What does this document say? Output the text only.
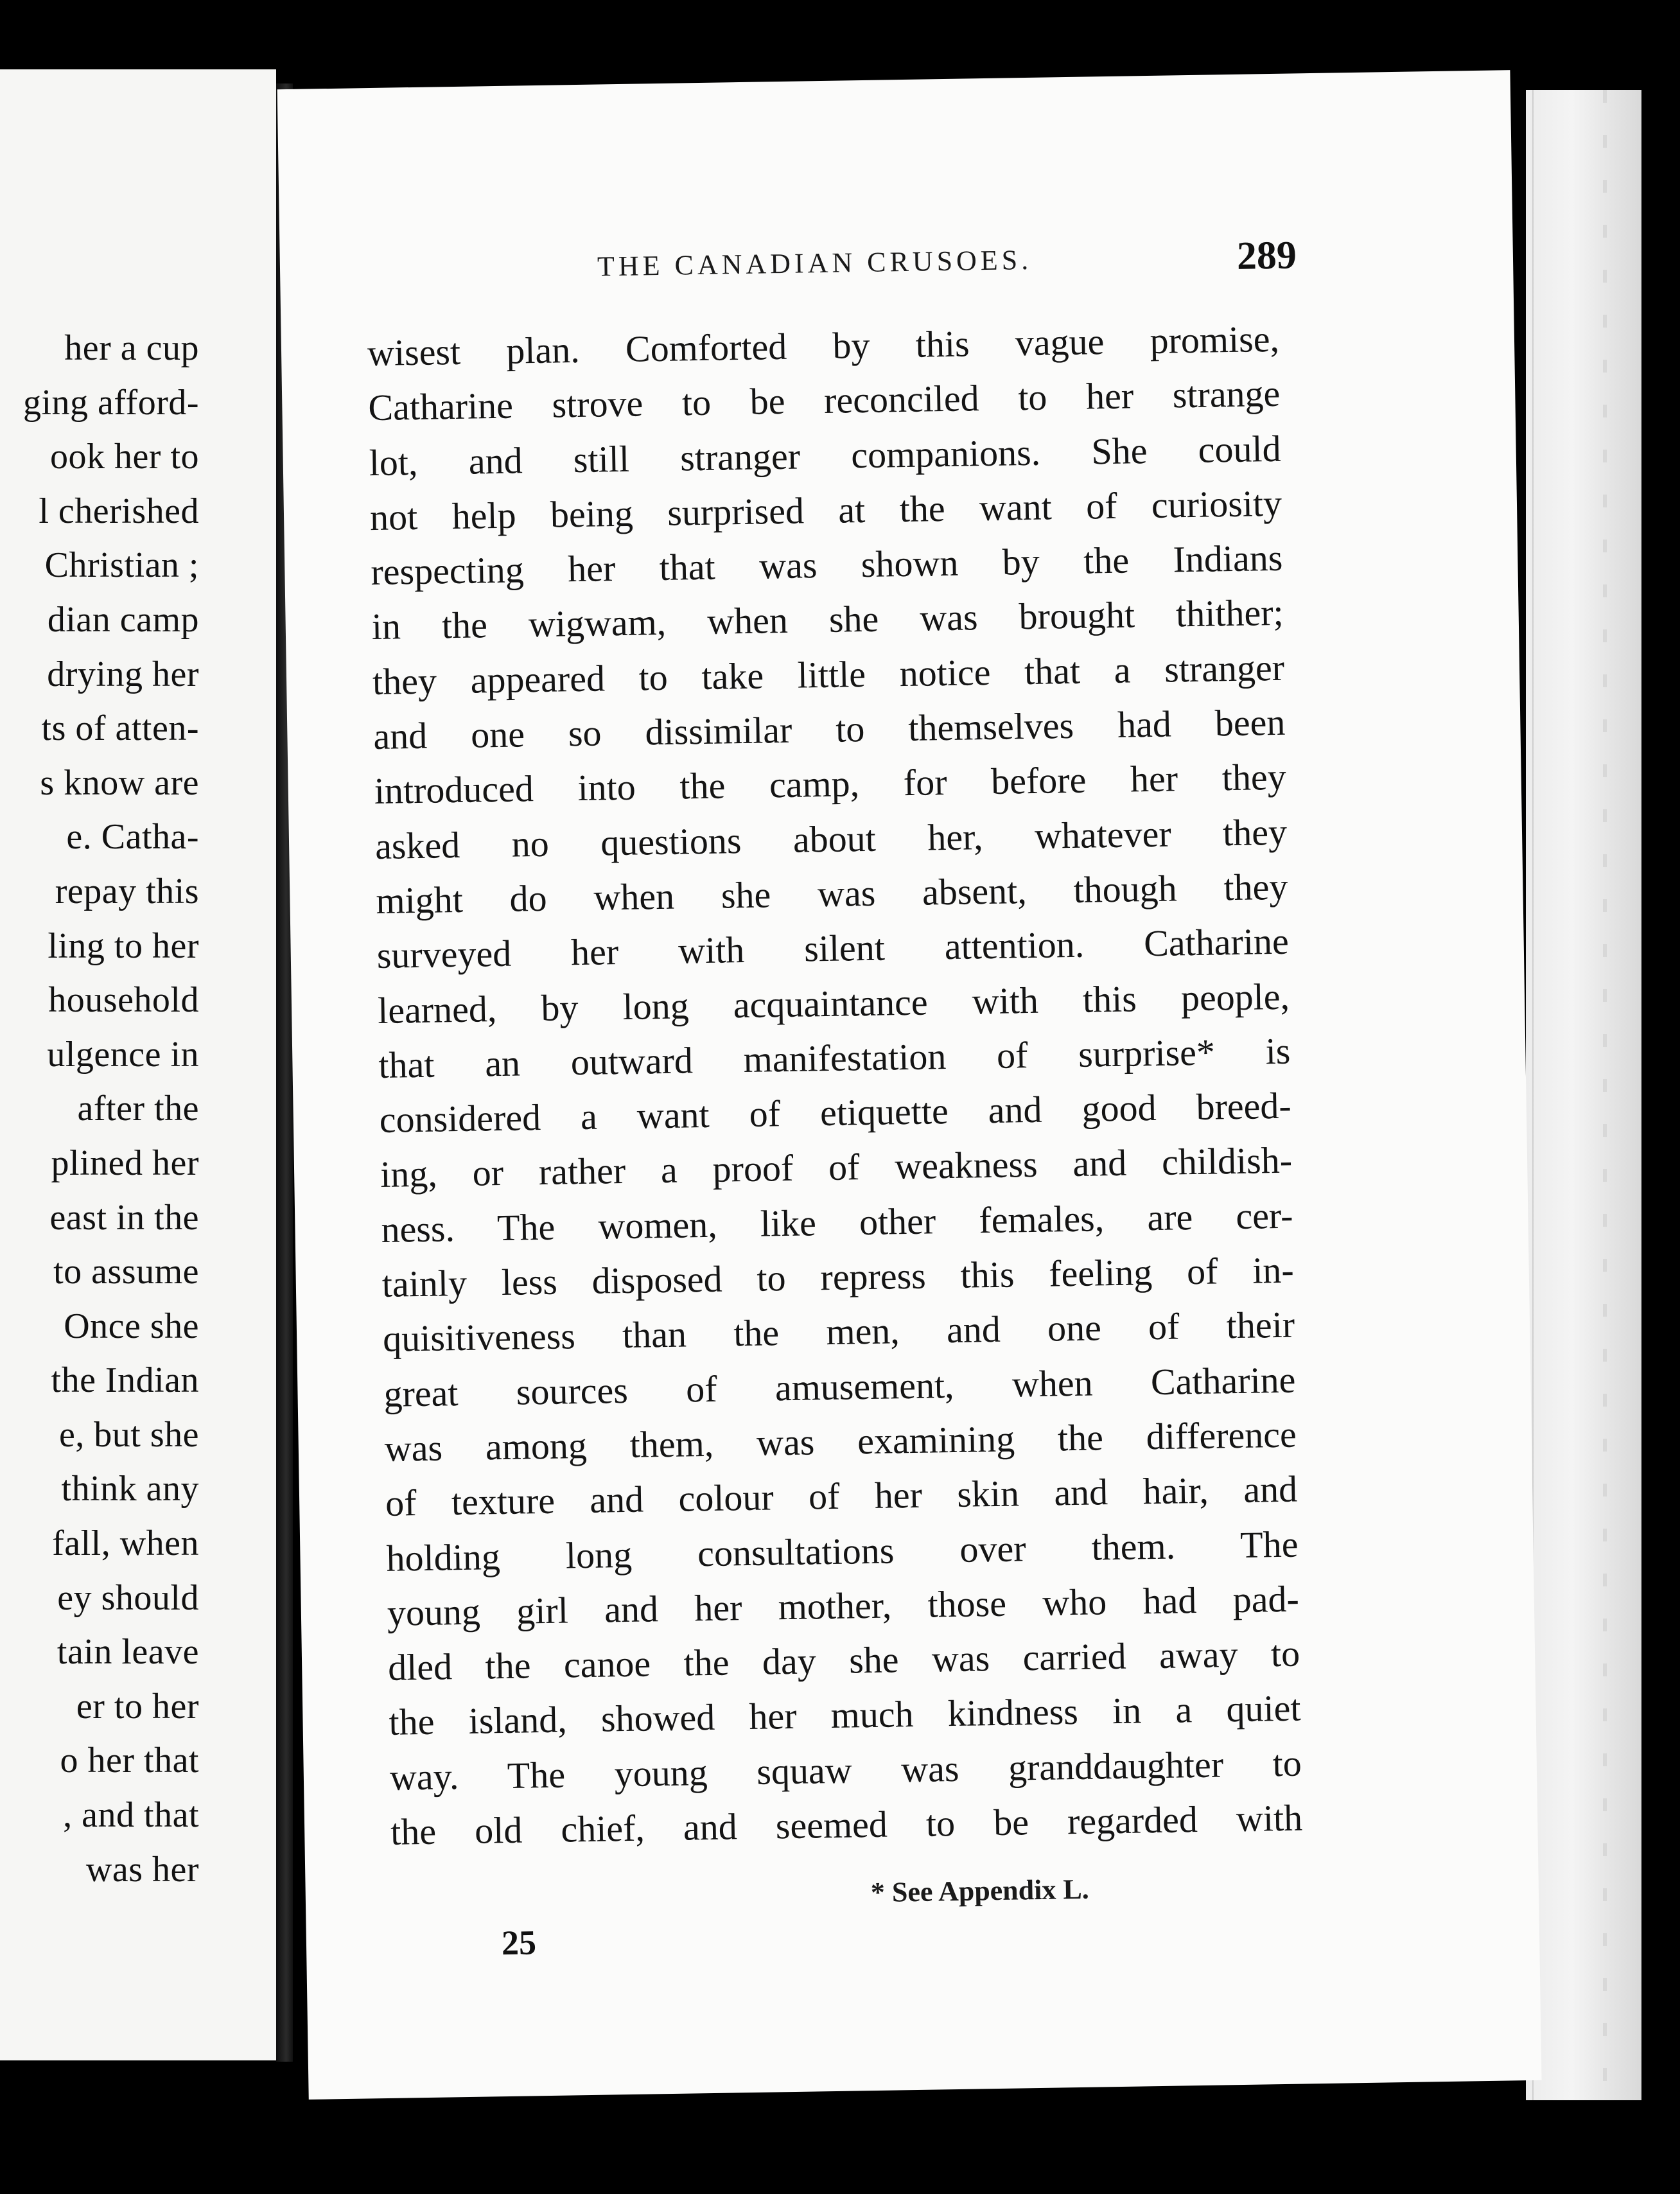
her a cup
ging afford-
ook her to
l cherished
Christian ;
dian camp
drying her
ts of atten-
s know are
e. Catha-
repay this
ling to her
household
ulgence in
after the
plined her
east in the
to assume
Once she
the Indian
e, but she
think any
fall, when
ey should
tain leave
er to her
o her that
, and that
was her
THE CANADIAN CRUSOES.	289
wisest plan. Comforted by this vague promise,
Catharine strove to be reconciled to her strange
lot, and still stranger companions. She could
not help being surprised at the want of curiosity
respecting her that was shown by the Indians
in the wigwam, when she was brought thither;
they appeared to take little notice that a stranger
and one so dissimilar to themselves had been
introduced into the camp, for before her they
asked no questions about her, whatever they
might do when she was absent, though they
surveyed her with silent attention. Catharine
learned, by long acquaintance with this people,
that an outward manifestation of surprise* is
considered a want of etiquette and good breed-
ing, or rather a proof of weakness and childish-
ness. The women, like other females, are cer-
tainly less disposed to repress this feeling of in-
quisitiveness than the men, and one of their
great sources of amusement, when Catharine
was among them, was examining the difference
of texture and colour of her skin and hair, and
holding long consultations over them. The
young girl and her mother, those who had pad-
dled the canoe the day she was carried away to
the island, showed her much kindness in a quiet
way. The young squaw was granddaughter to
the old chief, and seemed to be regarded with
* See Appendix L.
25
